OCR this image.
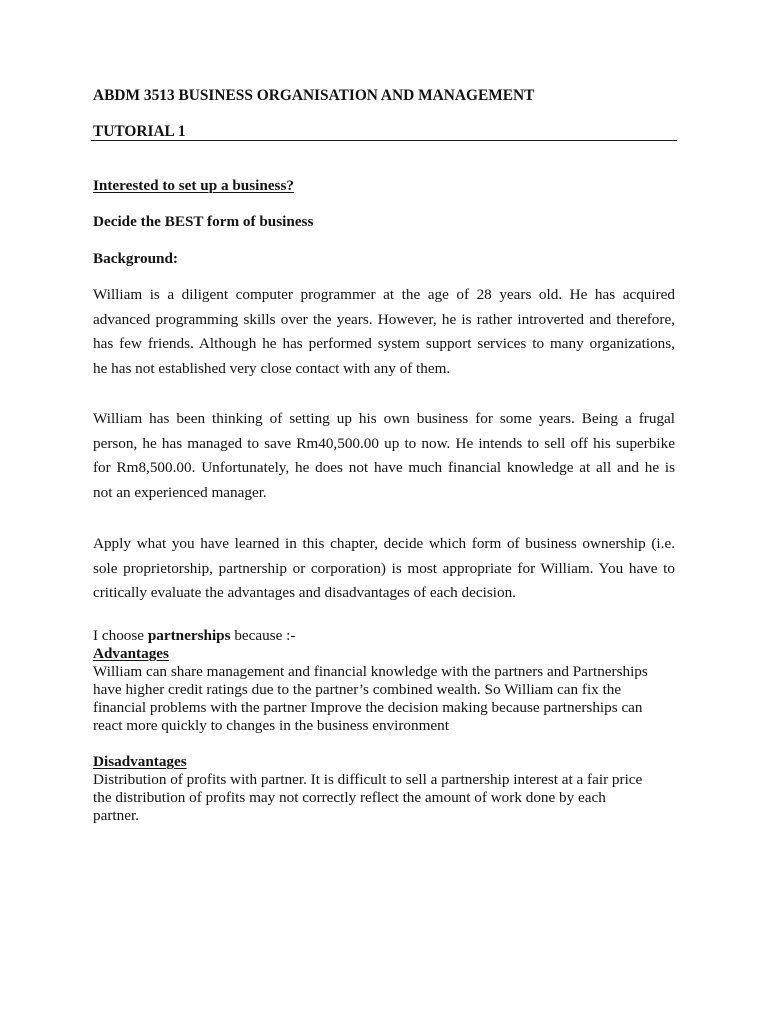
ABDM 3513 BUSINESS ORGANISATION AND MANAGEMENT
TUTORIAL 1
Interested to set up a business?
Decide the BEST form of business
Background:
William is a diligent computer programmer at the age of 28 years old. He has acquired
advanced programming skills over the years. However, he is rather introverted and therefore,
has few friends. Although he has performed system support services to many organizations,
he has not established very close contact with any of them.
William has been thinking of setting up his own business for some years. Being a frugal
person, he has managed to save Rm40,500.00 up to now. He intends to sell off his superbike
for Rm8,500.00. Unfortunately, he does not have much financial knowledge at all and he is
not an experienced manager.
Apply what you have learned in this chapter, decide which form of business ownership (i.e.
sole proprietorship, partnership or corporation) is most appropriate for William. You have to
critically evaluate the advantages and disadvantages of each decision.
I choose partnerships because :-
Advantages
William can share management and financial knowledge with the partners and Partnerships
have higher credit ratings due to the partner’s combined wealth. So William can fix the
financial problems with the partner Improve the decision making because partnerships can
react more quickly to changes in the business environment
Disadvantages
Distribution of profits with partner. It is difficult to sell a partnership interest at a fair price
the distribution of profits may not correctly reflect the amount of work done by each
partner.
